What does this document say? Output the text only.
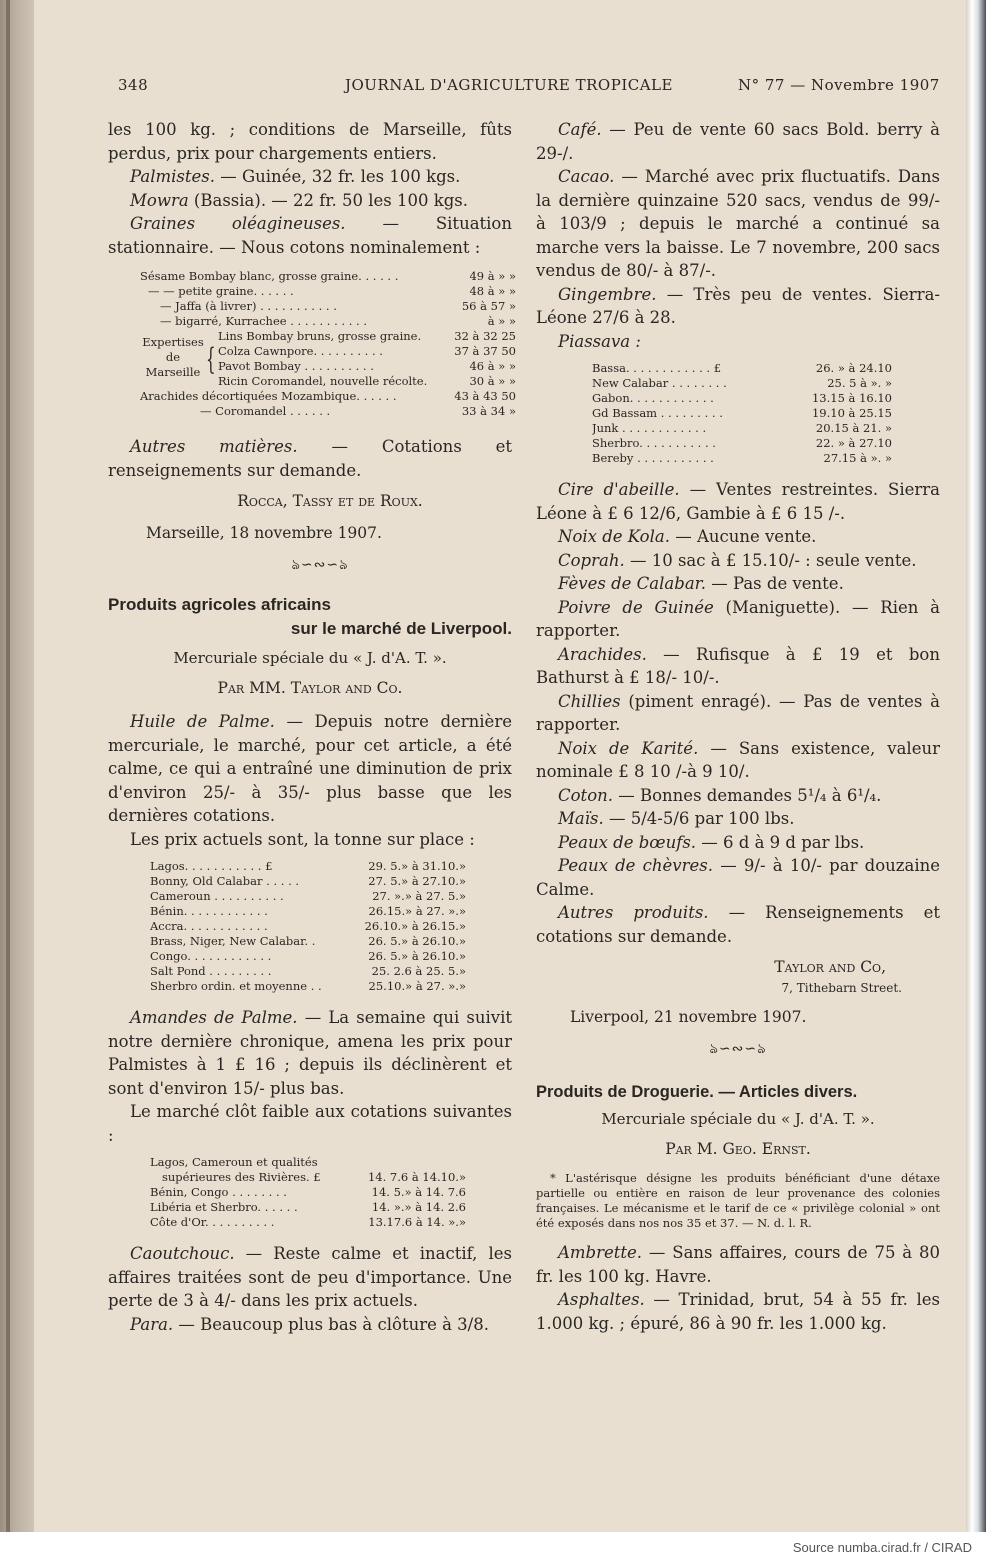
Source numba.cirad.fr / CIRAD
348	JOURNAL D'AGRICULTURE TROPICALE	N° 77 — Novembre 1907
les 100 kg. ; conditions de Marseille, fûts perdus, prix pour chargements entiers.
Palmistes. — Guinée, 32 fr. les 100 kgs.
Mowra (Bassia). — 22 fr. 50 les 100 kgs.
Graines oléagineuses. — Situation stationnaire. — Nous cotons nominalement :
Sésame Bombay blanc, grosse graine. . . . . .	49 à » »
— — petite graine. . . . . .	48 à » »
— Jaffa (à livrer) . . . . . . . . . . .	56 à 57 »
— bigarré, Kurrachee . . . . . . . . . . .	à » »
Expertises
de
Marseille {
Lins Bombay bruns, grosse graine.	32 à 32 25
Colza Cawnpore. . . . . . . . . .	37 à 37 50
Pavot Bombay . . . . . . . . . .	46 à » »
Ricin Coromandel, nouvelle récolte.	30 à » »
Arachides décortiquées Mozambique. . . . . .	43 à 43 50
— Coromandel . . . . . .	33 à 34 »
Autres matières. — Cotations et renseignements sur demande.
Rocca, Tassy et de Roux.
Marseille, 18 novembre 1907.
ঌ∽∾∽ঌ
Produits agricoles africains
sur le marché de Liverpool.
Mercuriale spéciale du « J. d'A. T. ».
Par MM. Taylor and Co.
Huile de Palme. — Depuis notre dernière mercuriale, le marché, pour cet article, a été calme, ce qui a entraîné une diminution de prix d'environ 25/- à 35/- plus basse que les dernières cotations.
Les prix actuels sont, la tonne sur place :
Lagos. . . . . . . . . . . £	29. 5.» à 31.10.»
Bonny, Old Calabar . . . . .	27. 5.» à 27.10.»
Cameroun . . . . . . . . . .	27. ».» à 27. 5.»
Bénin. . . . . . . . . . . .	26.15.» à 27. ».»
Accra. . . . . . . . . . . .	26.10.» à 26.15.»
Brass, Niger, New Calabar. .	26. 5.» à 26.10.»
Congo. . . . . . . . . . . .	26. 5.» à 26.10.»
Salt Pond . . . . . . . . .	25. 2.6 à 25. 5.»
Sherbro ordin. et moyenne . .	25.10.» à 27. ».»
Amandes de Palme. — La semaine qui suivit notre dernière chronique, amena les prix pour Palmistes à 1 £ 16 ; depuis ils déclinèrent et sont d'environ 15/- plus bas.
Le marché clôt faible aux cotations suivantes :
Lagos, Cameroun et qualités
supérieures des Rivières. £	14. 7.6 à 14.10.»
Bénin, Congo . . . . . . . .	14. 5.» à 14. 7.6
Libéria et Sherbro. . . . . .	14. ».» à 14. 2.6
Côte d'Or. . . . . . . . . .	13.17.6 à 14. ».»
Caoutchouc. — Reste calme et inactif, les affaires traitées sont de peu d'importance. Une perte de 3 à 4/- dans les prix actuels.
Para. — Beaucoup plus bas à clôture à 3/8.
Café. — Peu de vente 60 sacs Bold. berry à 29-/.
Cacao. — Marché avec prix fluctuatifs. Dans la dernière quinzaine 520 sacs, vendus de 99/- à 103/9 ; depuis le marché a continué sa marche vers la baisse. Le 7 novembre, 200 sacs vendus de 80/- à 87/-.
Gingembre. — Très peu de ventes. Sierra-Léone 27/6 à 28.
Piassava :
Bassa. . . . . . . . . . . . £	26. » à 24.10
New Calabar . . . . . . . .	25. 5 à ». »
Gabon. . . . . . . . . . . .	13.15 à 16.10
Gd Bassam . . . . . . . . .	19.10 à 25.15
Junk . . . . . . . . . . . .	20.15 à 21. »
Sherbro. . . . . . . . . . .	22. » à 27.10
Bereby . . . . . . . . . . .	27.15 à ». »
Cire d'abeille. — Ventes restreintes. Sierra Léone à £ 6 12/6, Gambie à £ 6 15 /-.
Noix de Kola. — Aucune vente.
Coprah. — 10 sac à £ 15.10/- : seule vente.
Fèves de Calabar. — Pas de vente.
Poivre de Guinée (Maniguette). — Rien à rapporter.
Arachides. — Rufisque à £ 19 et bon Bathurst à £ 18/- 10/-.
Chillies (piment enragé). — Pas de ventes à rapporter.
Noix de Karité. — Sans existence, valeur nominale £ 8 10 /-à 9 10/.
Coton. — Bonnes demandes 5¹/₄ à 6¹/₄.
Maïs. — 5/4-5/6 par 100 lbs.
Peaux de bœufs. — 6 d à 9 d par lbs.
Peaux de chèvres. — 9/- à 10/- par douzaine Calme.
Autres produits. — Renseignements et cotations sur demande.
Taylor and Co,
7, Tithebarn Street.
Liverpool, 21 novembre 1907.
ঌ∽∾∽ঌ
Produits de Droguerie. — Articles divers.
Mercuriale spéciale du « J. d'A. T. ».
Par M. Geo. Ernst.
* L'astérisque désigne les produits bénéficiant d'une détaxe partielle ou entière en raison de leur provenance des colonies françaises. Le mécanisme et le tarif de ce « privilège colonial » ont été exposés dans nos nos 35 et 37. — N. d. l. R.
Ambrette. — Sans affaires, cours de 75 à 80 fr. les 100 kg. Havre.
Asphaltes. — Trinidad, brut, 54 à 55 fr. les 1.000 kg. ; épuré, 86 à 90 fr. les 1.000 kg.
